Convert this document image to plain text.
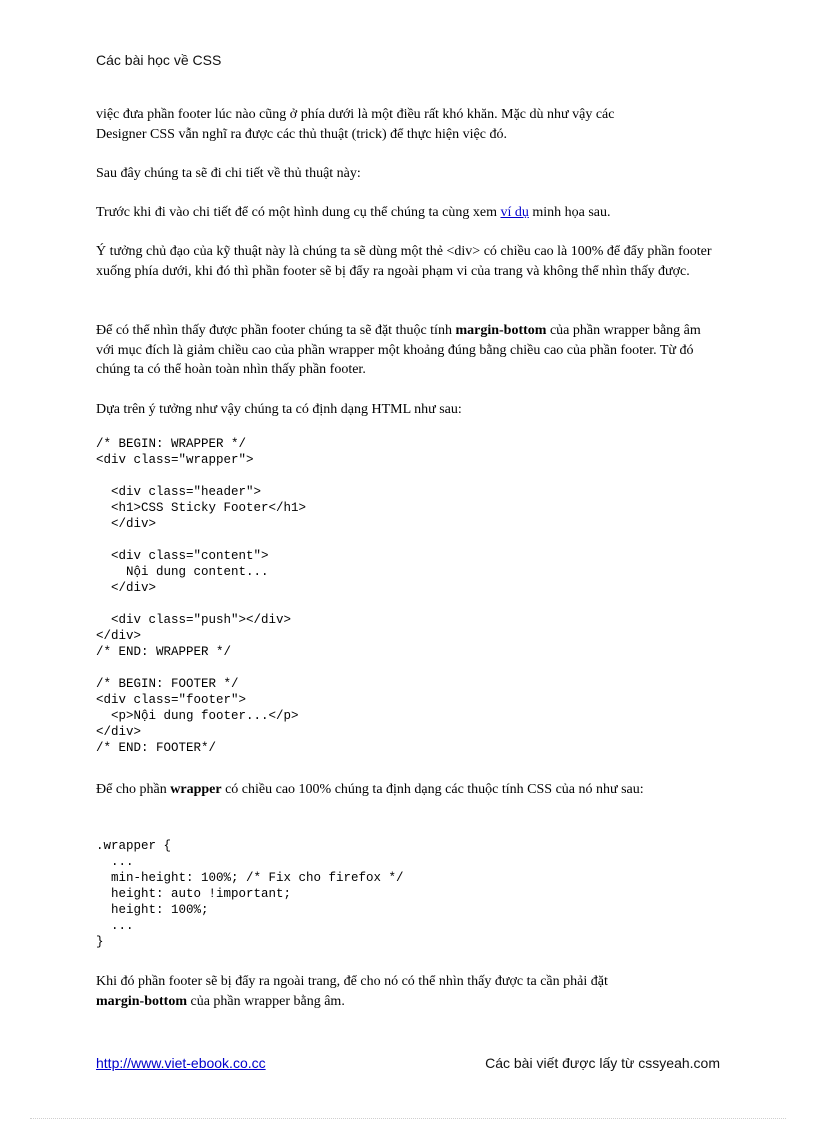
Các bài học về CSS

việc đưa phần footer lúc nào cũng ở phía dưới là một điều rất khó khăn. Mặc dù như vậy các

Designer CSS vẫn nghĩ ra được các thủ thuật (trick) để thực hiện việc đó.

Sau đây chúng ta sẽ đi chi tiết về thủ thuật này:

Trước khi đi vào chi tiết để có một hình dung cụ thể chúng ta cùng xem ví dụ minh họa sau.

Ý tưởng chủ đạo của kỹ thuật này là chúng ta sẽ dùng một thẻ <div> có chiều cao là 100% để đẩy phần footer xuống phía dưới, khi đó thì phần footer sẽ bị đẩy ra ngoài phạm vi của trang và không thể nhìn thấy được.

Để có thể nhìn thấy được phần footer chúng ta sẽ đặt thuộc tính margin-bottom của phần wrapper bằng âm với mục đích là giảm chiều cao của phần wrapper một khoảng đúng bằng chiều cao của phần footer. Từ đó chúng ta có thể hoàn toàn nhìn thấy phần footer.

Dựa trên ý tưởng như vậy chúng ta có định dạng HTML như sau:

/* BEGIN: WRAPPER */
<div class="wrapper">
<div class="header">
<h1>CSS Sticky Footer</h1>
</div>
<div class="content">
Nội dung content...
</div>
<div class="push"></div>
</div>
/* END: WRAPPER */
/* BEGIN: FOOTER */
<div class="footer">
<p>Nội dung footer...</p>
</div>
/* END: FOOTER*/

Để cho phần wrapper có chiều cao 100% chúng ta định dạng các thuộc tính CSS của nó như sau:

.wrapper {
...
min-height: 100%; /* Fix cho firefox */
height: auto !important;
height: 100%;
...
}

Khi đó phần footer sẽ bị đẩy ra ngoài trang, để cho nó có thể nhìn thấy được ta cần phải đặt

margin-bottom của phần wrapper bằng âm.

http://www.viet-ebook.co.cc	Các bài viết được lấy từ cssyeah.com
